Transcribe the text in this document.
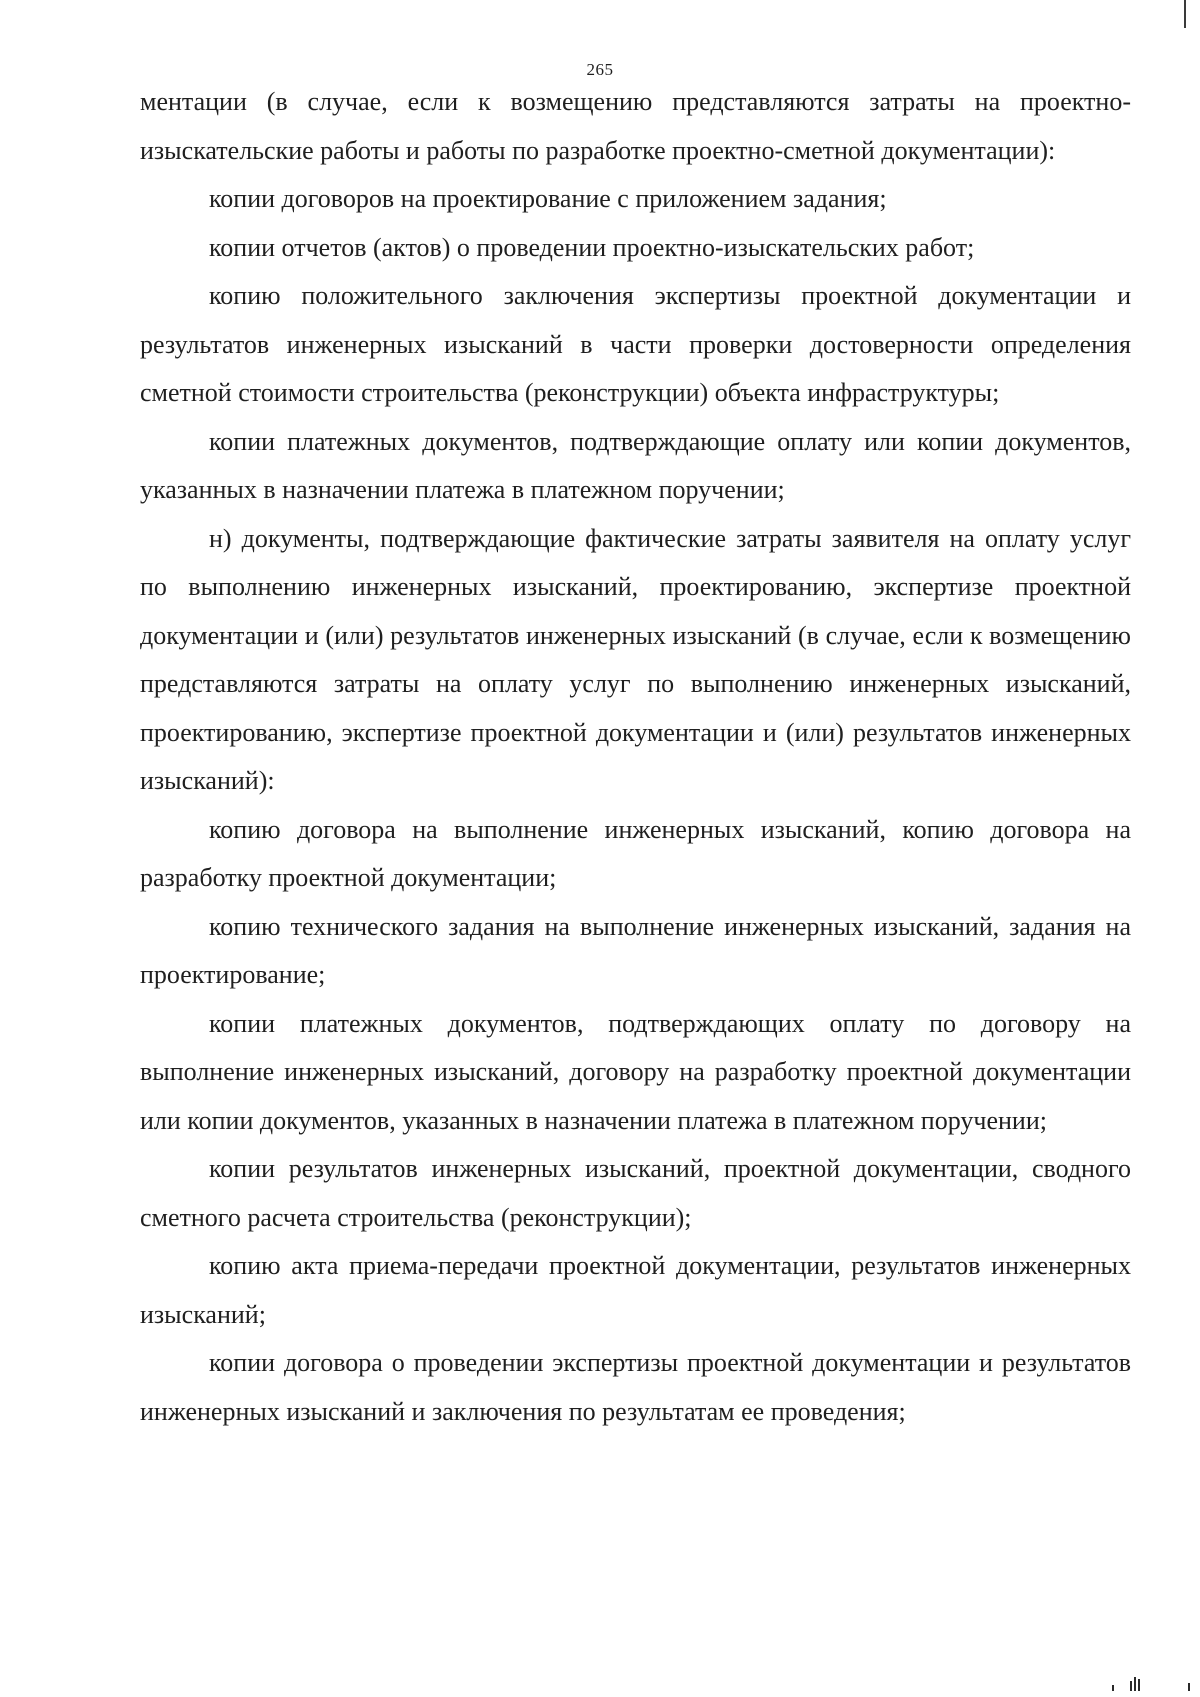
265

ментации (в случае, если к возмещению представляются затраты на проектно-изыскательские работы и работы по разработке проектно-сметной документации):

копии договоров на проектирование с приложением задания;

копии отчетов (актов) о проведении проектно-изыскательских работ;

копию положительного заключения экспертизы проектной документации и результатов инженерных изысканий в части проверки достоверности определения сметной стоимости строительства (реконструкции) объекта инфраструктуры;

копии платежных документов, подтверждающие оплату или копии документов, указанных в назначении платежа в платежном поручении;

н) документы, подтверждающие фактические затраты заявителя на оплату услуг по выполнению инженерных изысканий, проектированию, экспертизе проектной документации и (или) результатов инженерных изысканий (в случае, если к возмещению представляются затраты на оплату услуг по выполнению инженерных изысканий, проектированию, экспертизе проектной документации и (или) результатов инженерных изысканий):

копию договора на выполнение инженерных изысканий, копию договора на разработку проектной документации;

копию технического задания на выполнение инженерных изысканий, задания на проектирование;

копии платежных документов, подтверждающих оплату по договору на выполнение инженерных изысканий, договору на разработку проектной документации или копии документов, указанных в назначении платежа в платежном поручении;

копии результатов инженерных изысканий, проектной документации, сводного сметного расчета строительства (реконструкции);

копию акта приема-передачи проектной документации, результатов инженерных изысканий;

копии договора о проведении экспертизы проектной документации и результатов инженерных изысканий и заключения по результатам ее проведения;
